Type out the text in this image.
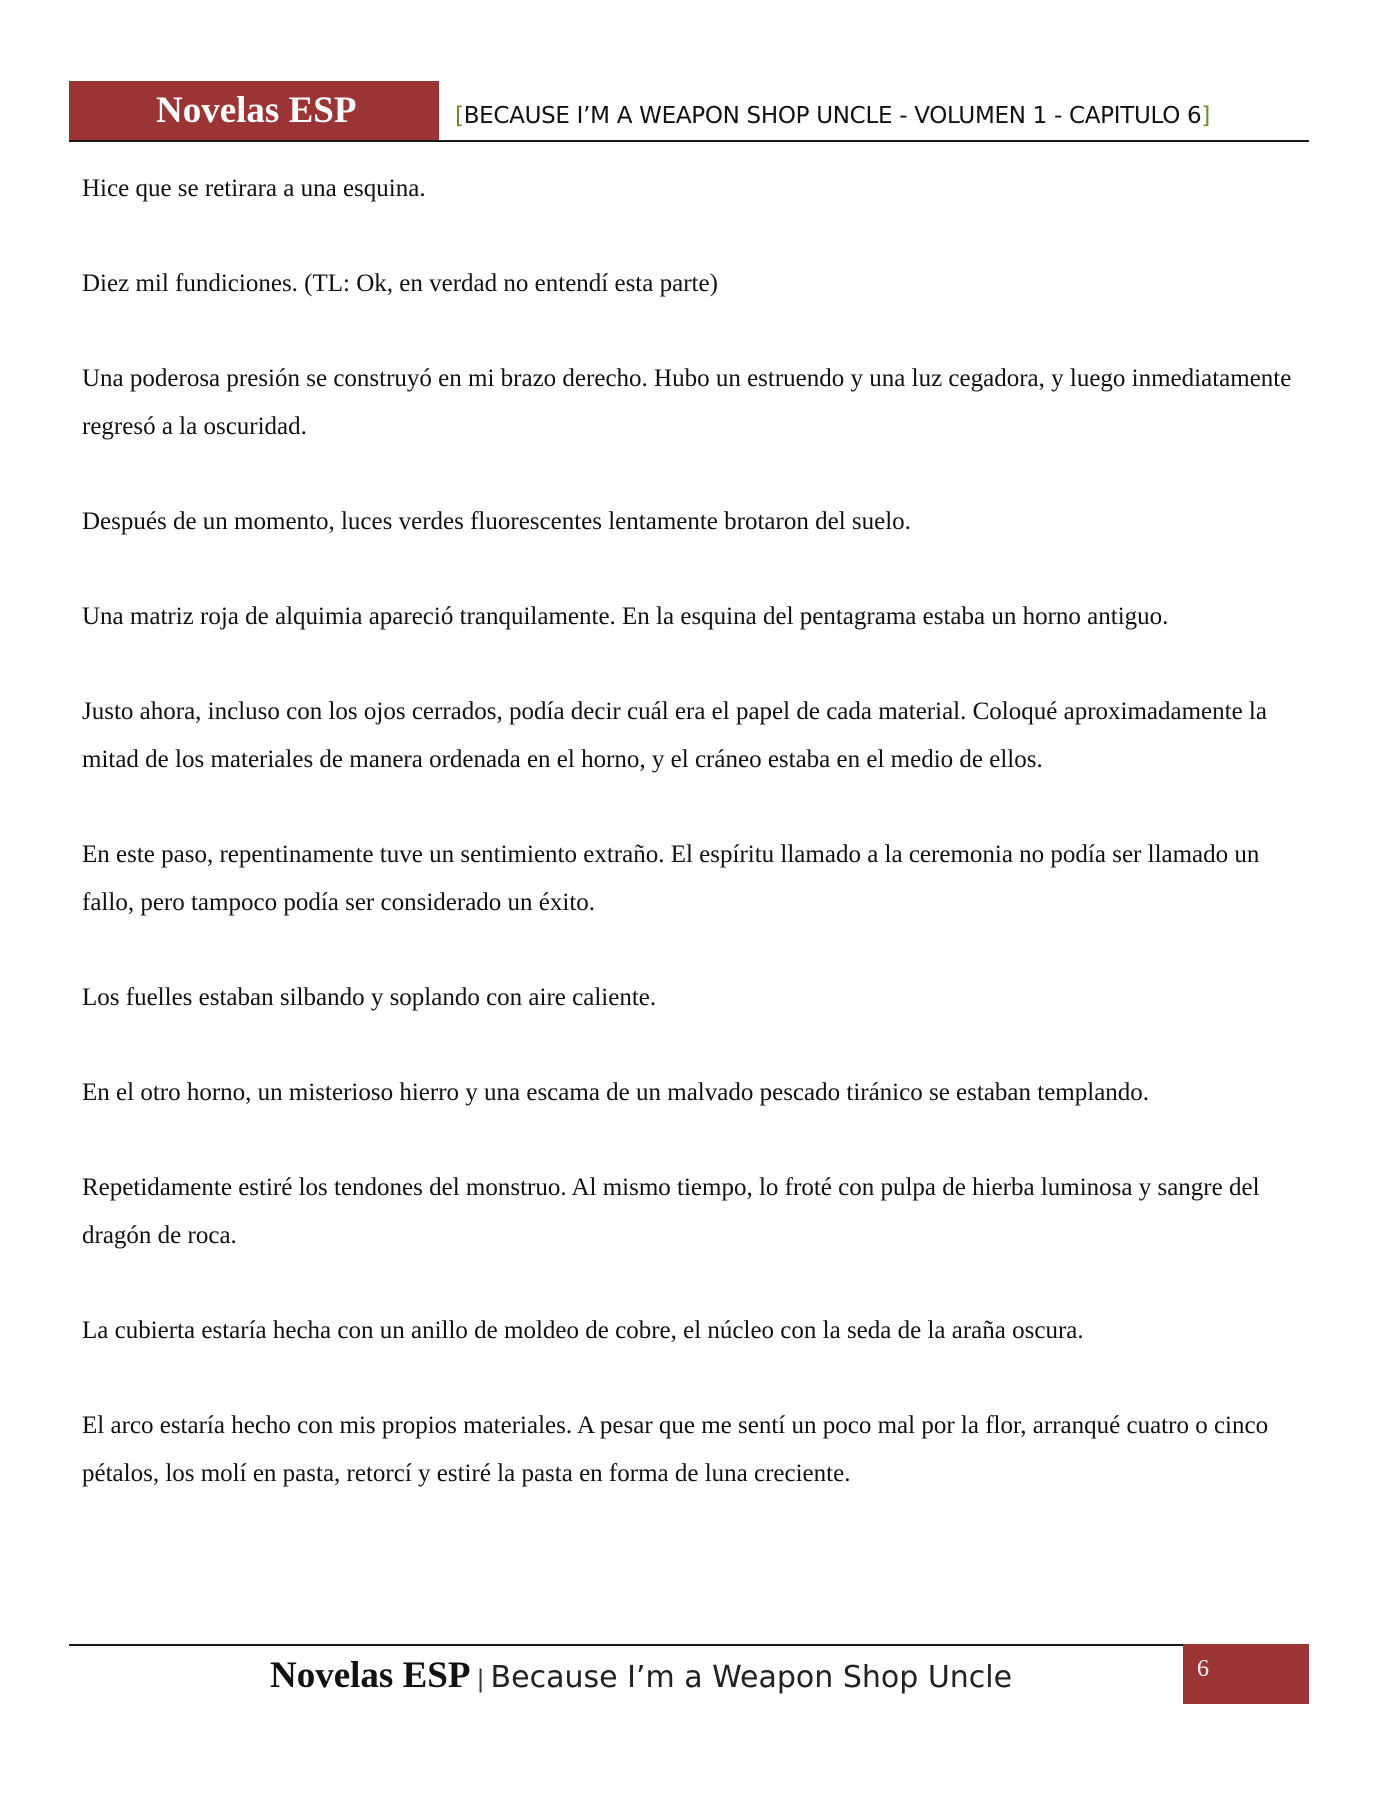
Novelas ESP	[BECAUSE I’M A WEAPON SHOP UNCLE - VOLUMEN 1 - CAPITULO 6]

Hice que se retirara a una esquina.

Diez mil fundiciones. (TL: Ok, en verdad no entendí esta parte)

Una poderosa presión se construyó en mi brazo derecho. Hubo un estruendo y una luz cegadora, y luego inmediatamente regresó a la oscuridad.

Después de un momento, luces verdes fluorescentes lentamente brotaron del suelo.

Una matriz roja de alquimia apareció tranquilamente. En la esquina del pentagrama estaba un horno antiguo.

Justo ahora, incluso con los ojos cerrados, podía decir cuál era el papel de cada material. Coloqué aproximadamente la mitad de los materiales de manera ordenada en el horno, y el cráneo estaba en el medio de ellos.

En este paso, repentinamente tuve un sentimiento extraño. El espíritu llamado a la ceremonia no podía ser llamado un fallo, pero tampoco podía ser considerado un éxito.

Los fuelles estaban silbando y soplando con aire caliente.

En el otro horno, un misterioso hierro y una escama de un malvado pescado tiránico se estaban templando.

Repetidamente estiré los tendones del monstruo. Al mismo tiempo, lo froté con pulpa de hierba luminosa y sangre del dragón de roca.

La cubierta estaría hecha con un anillo de moldeo de cobre, el núcleo con la seda de la araña oscura.

El arco estaría hecho con mis propios materiales. A pesar que me sentí un poco mal por la flor, arranqué cuatro o cinco pétalos, los molí en pasta, retorcí y estiré la pasta en forma de luna creciente.

Novelas ESP | Because I’m a Weapon Shop Uncle	6
